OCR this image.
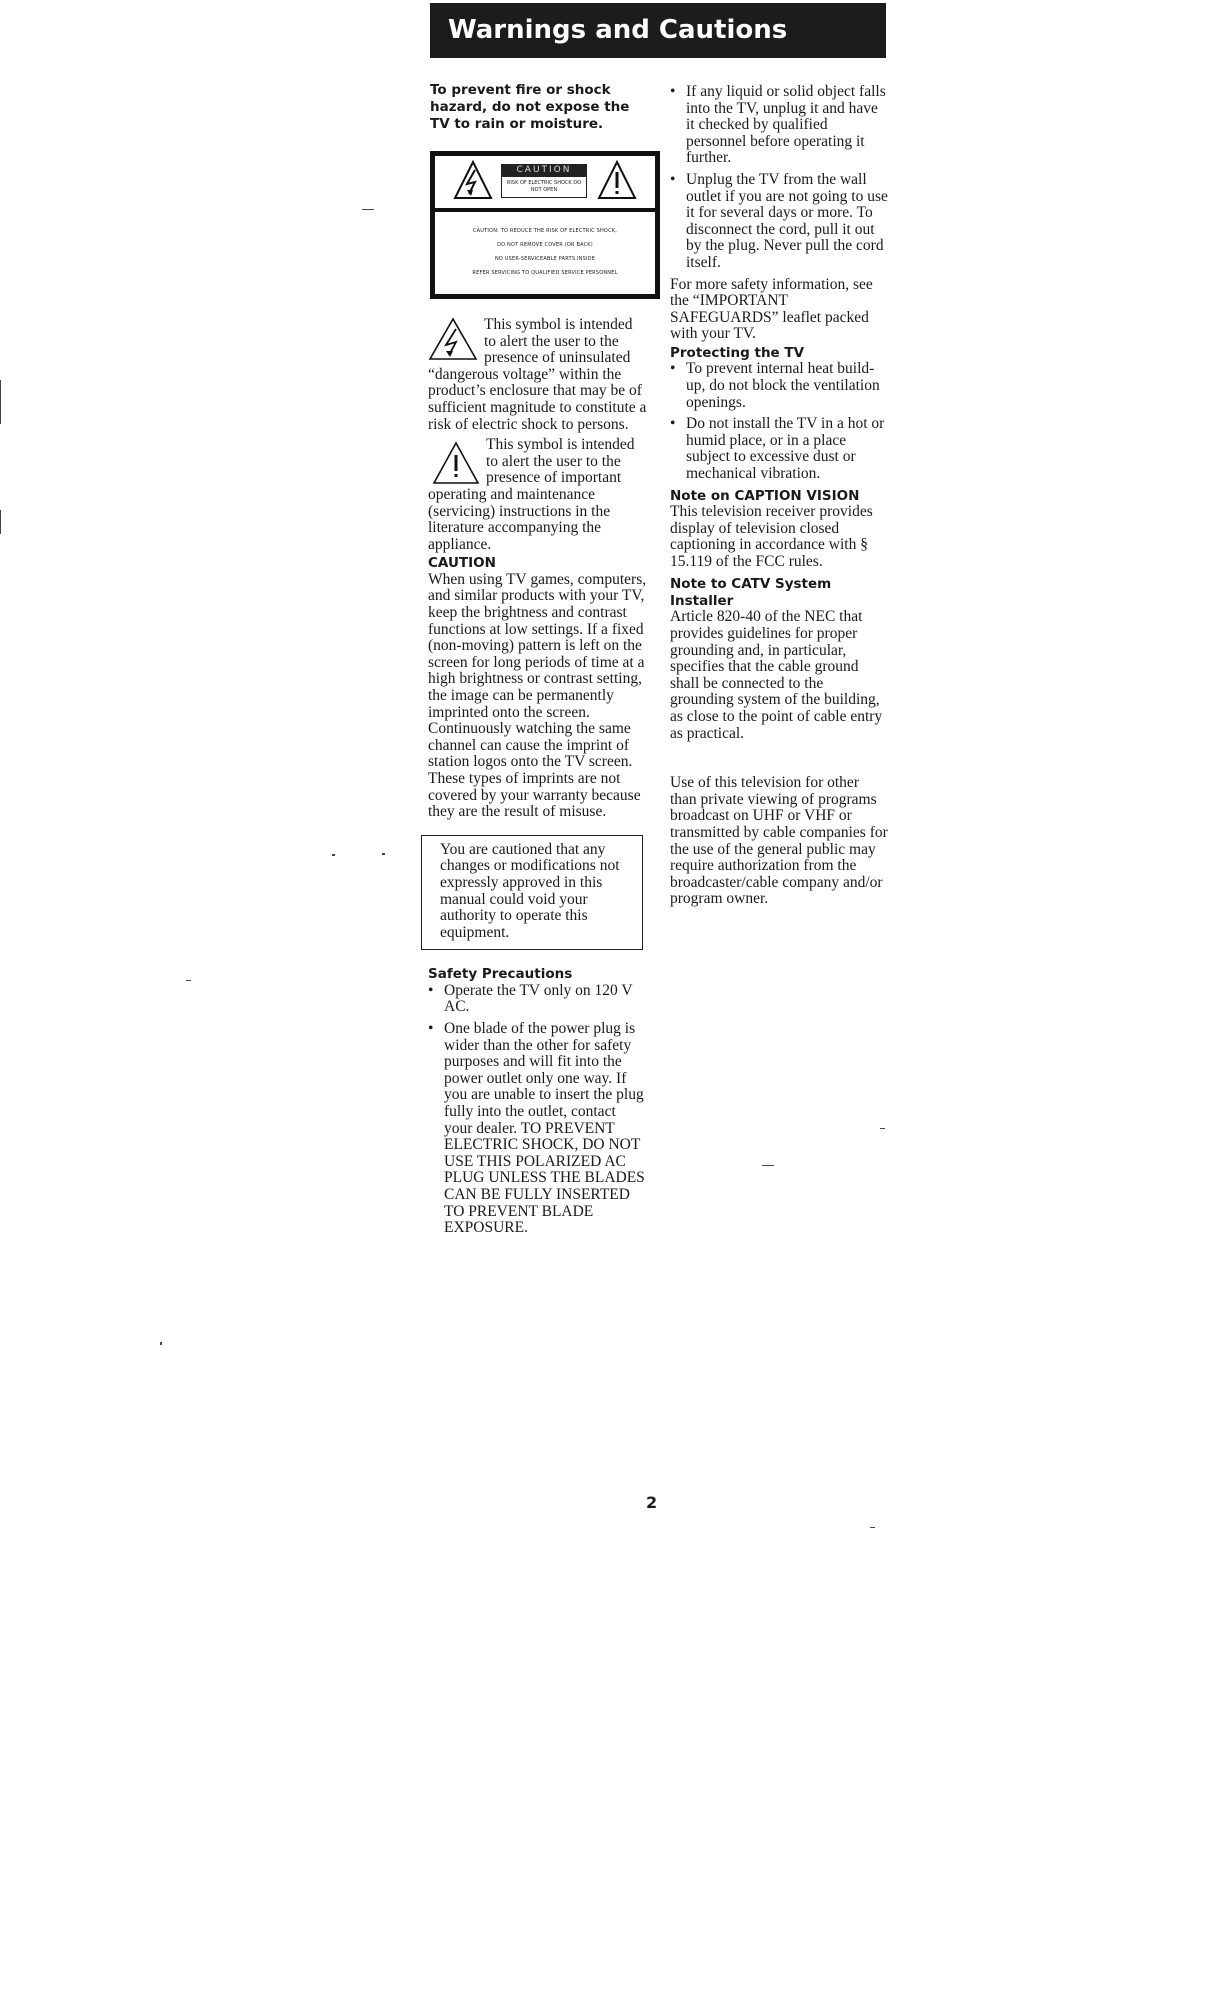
Warnings and Cautions

To prevent fire or shock hazard, do not expose the TV to rain or moisture.

CAUTION
RISK OF ELECTRIC SHOCK DO NOT OPEN
CAUTION: TO REDUCE THE RISK OF ELECTRIC SHOCK,
DO NOT REMOVE COVER (OR BACK)
NO USER-SERVICEABLE PARTS INSIDE
REFER SERVICING TO QUALIFIED SERVICE PERSONNEL

This symbol is intended to alert the user to the presence of uninsulated “dangerous voltage” within the product’s enclosure that may be of sufficient magnitude to constitute a risk of electric shock to persons.

This symbol is intended to alert the user to the presence of important operating and maintenance (servicing) instructions in the literature accompanying the appliance.

CAUTION

When using TV games, computers, and similar products with your TV, keep the brightness and contrast functions at low settings. If a fixed (non-moving) pattern is left on the screen for long periods of time at a high brightness or contrast setting, the image can be permanently imprinted onto the screen. Continuously watching the same channel can cause the imprint of station logos onto the TV screen. These types of imprints are not covered by your warranty because they are the result of misuse.

You are cautioned that any changes or modifications not expressly approved in this manual could void your authority to operate this equipment.

Safety Precautions

• Operate the TV only on 120 V AC.
• One blade of the power plug is wider than the other for safety purposes and will fit into the power outlet only one way. If you are unable to insert the plug fully into the outlet, contact your dealer. TO PREVENT ELECTRIC SHOCK, DO NOT USE THIS POLARIZED AC PLUG UNLESS THE BLADES CAN BE FULLY INSERTED TO PREVENT BLADE EXPOSURE.
• If any liquid or solid object falls into the TV, unplug it and have it checked by qualified personnel before operating it further.
• Unplug the TV from the wall outlet if you are not going to use it for several days or more. To disconnect the cord, pull it out by the plug. Never pull the cord itself.

For more safety information, see the “IMPORTANT SAFEGUARDS” leaflet packed with your TV.

Protecting the TV

• To prevent internal heat build-up, do not block the ventilation openings.
• Do not install the TV in a hot or humid place, or in a place subject to excessive dust or mechanical vibration.

Note on CAPTION VISION

This television receiver provides display of television closed captioning in accordance with § 15.119 of the FCC rules.

Note to CATV System Installer

Article 820-40 of the NEC that provides guidelines for proper grounding and, in particular, specifies that the cable ground shall be connected to the grounding system of the building, as close to the point of cable entry as practical.

Use of this television for other than private viewing of programs broadcast on UHF or VHF or transmitted by cable companies for the use of the general public may require authorization from the broadcaster/cable company and/or program owner.

2
